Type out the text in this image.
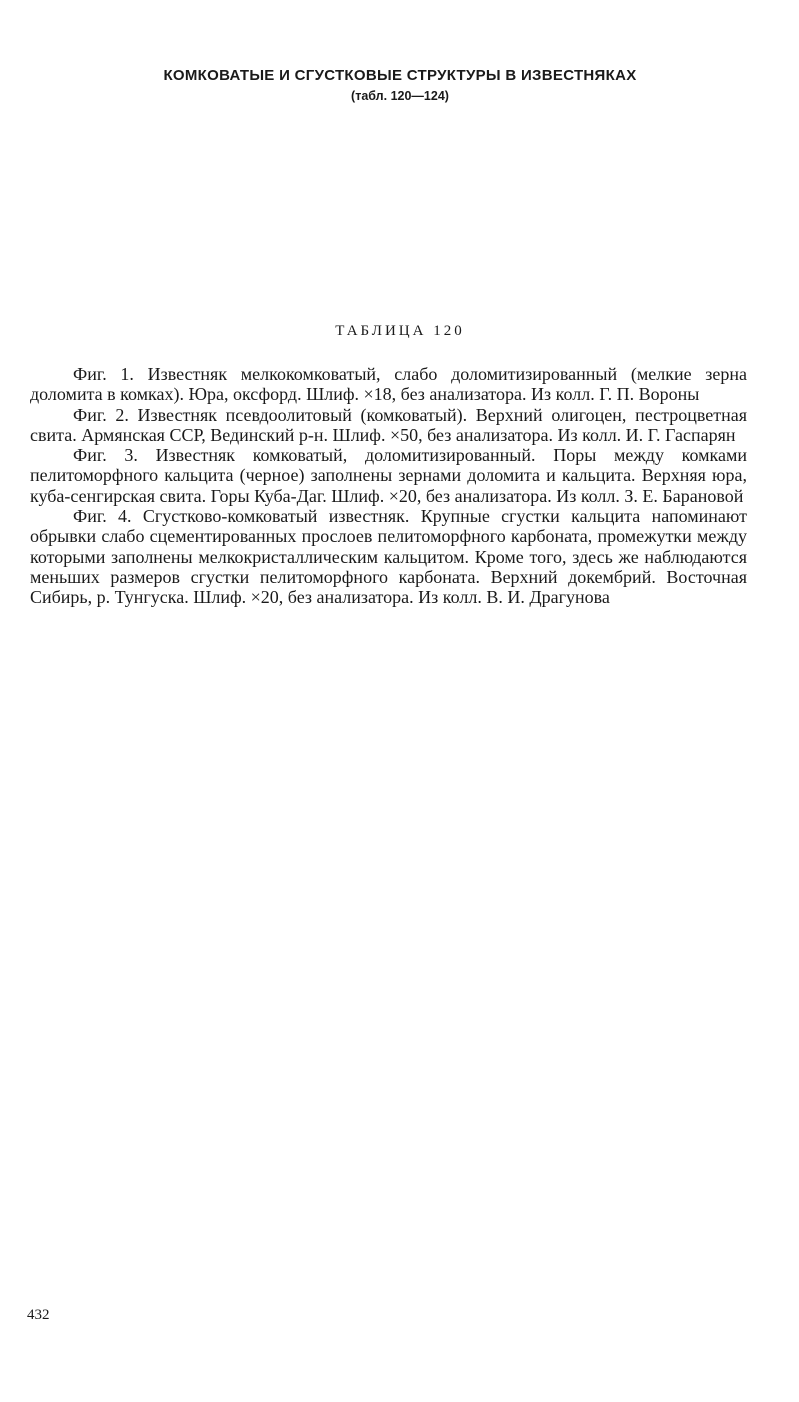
КОМКОВАТЫЕ И СГУСТКОВЫЕ СТРУКТУРЫ В ИЗВЕСТНЯКАХ
(табл. 120—124)
ТАБЛИЦА 120

Фиг. 1. Известняк мелкокомковатый, слабо доломитизированный (мелкие зерна доломита в комках). Юра, оксфорд. Шлиф. ×18, без анализатора. Из колл. Г. П. Вороны

Фиг. 2. Известняк псевдоолитовый (комковатый). Верхний олигоцен, пестроцветная свита. Армянская ССР, Вединский р-н. Шлиф. ×50, без анализатора. Из колл. И. Г. Гаспарян

Фиг. 3. Известняк комковатый, доломитизированный. Поры между комками пелитоморфного кальцита (черное) заполнены зернами доломита и кальцита. Верхняя юра, куба-сенгирская свита. Горы Куба-Даг. Шлиф. ×20, без анализатора. Из колл. З. Е. Барановой

Фиг. 4. Сгустково-комковатый известняк. Крупные сгустки кальцита напоминают обрывки слабо сцементированных прослоев пелитоморфного карбоната, промежутки между которыми заполнены мелкокристаллическим кальцитом. Кроме того, здесь же наблюдаются меньших размеров сгустки пелитоморфного карбоната. Верхний докембрий. Восточная Сибирь, р. Тунгуска. Шлиф. ×20, без анализатора. Из колл. В. И. Драгунова

432
